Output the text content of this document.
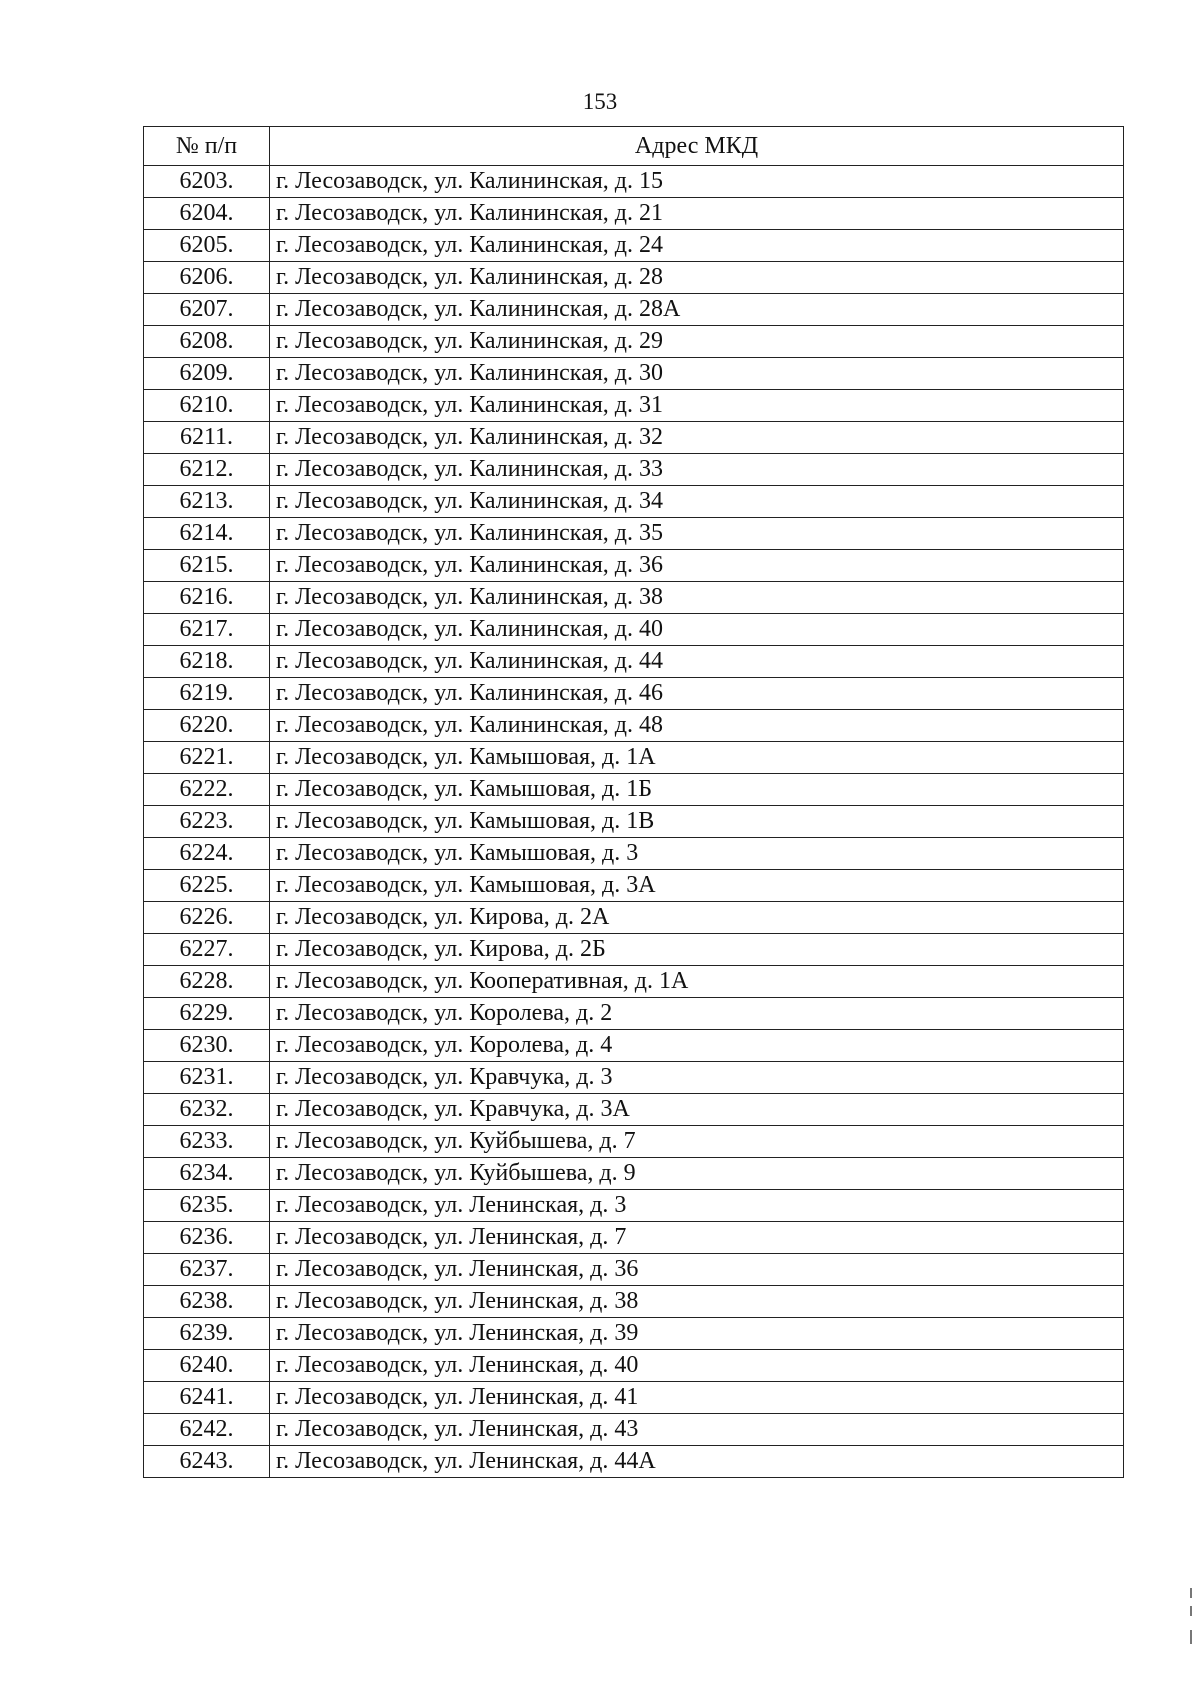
153
№ п/п	Адрес МКД
6203.	г. Лесозаводск, ул. Калининская, д. 15
6204.	г. Лесозаводск, ул. Калининская, д. 21
6205.	г. Лесозаводск, ул. Калининская, д. 24
6206.	г. Лесозаводск, ул. Калининская, д. 28
6207.	г. Лесозаводск, ул. Калининская, д. 28А
6208.	г. Лесозаводск, ул. Калининская, д. 29
6209.	г. Лесозаводск, ул. Калининская, д. 30
6210.	г. Лесозаводск, ул. Калининская, д. 31
6211.	г. Лесозаводск, ул. Калининская, д. 32
6212.	г. Лесозаводск, ул. Калининская, д. 33
6213.	г. Лесозаводск, ул. Калининская, д. 34
6214.	г. Лесозаводск, ул. Калининская, д. 35
6215.	г. Лесозаводск, ул. Калининская, д. 36
6216.	г. Лесозаводск, ул. Калининская, д. 38
6217.	г. Лесозаводск, ул. Калининская, д. 40
6218.	г. Лесозаводск, ул. Калининская, д. 44
6219.	г. Лесозаводск, ул. Калининская, д. 46
6220.	г. Лесозаводск, ул. Калининская, д. 48
6221.	г. Лесозаводск, ул. Камышовая, д. 1А
6222.	г. Лесозаводск, ул. Камышовая, д. 1Б
6223.	г. Лесозаводск, ул. Камышовая, д. 1В
6224.	г. Лесозаводск, ул. Камышовая, д. 3
6225.	г. Лесозаводск, ул. Камышовая, д. 3А
6226.	г. Лесозаводск, ул. Кирова, д. 2А
6227.	г. Лесозаводск, ул. Кирова, д. 2Б
6228.	г. Лесозаводск, ул. Кооперативная, д. 1А
6229.	г. Лесозаводск, ул. Королева, д. 2
6230.	г. Лесозаводск, ул. Королева, д. 4
6231.	г. Лесозаводск, ул. Кравчука, д. 3
6232.	г. Лесозаводск, ул. Кравчука, д. 3А
6233.	г. Лесозаводск, ул. Куйбышева, д. 7
6234.	г. Лесозаводск, ул. Куйбышева, д. 9
6235.	г. Лесозаводск, ул. Ленинская, д. 3
6236.	г. Лесозаводск, ул. Ленинская, д. 7
6237.	г. Лесозаводск, ул. Ленинская, д. 36
6238.	г. Лесозаводск, ул. Ленинская, д. 38
6239.	г. Лесозаводск, ул. Ленинская, д. 39
6240.	г. Лесозаводск, ул. Ленинская, д. 40
6241.	г. Лесозаводск, ул. Ленинская, д. 41
6242.	г. Лесозаводск, ул. Ленинская, д. 43
6243.	г. Лесозаводск, ул. Ленинская, д. 44А
